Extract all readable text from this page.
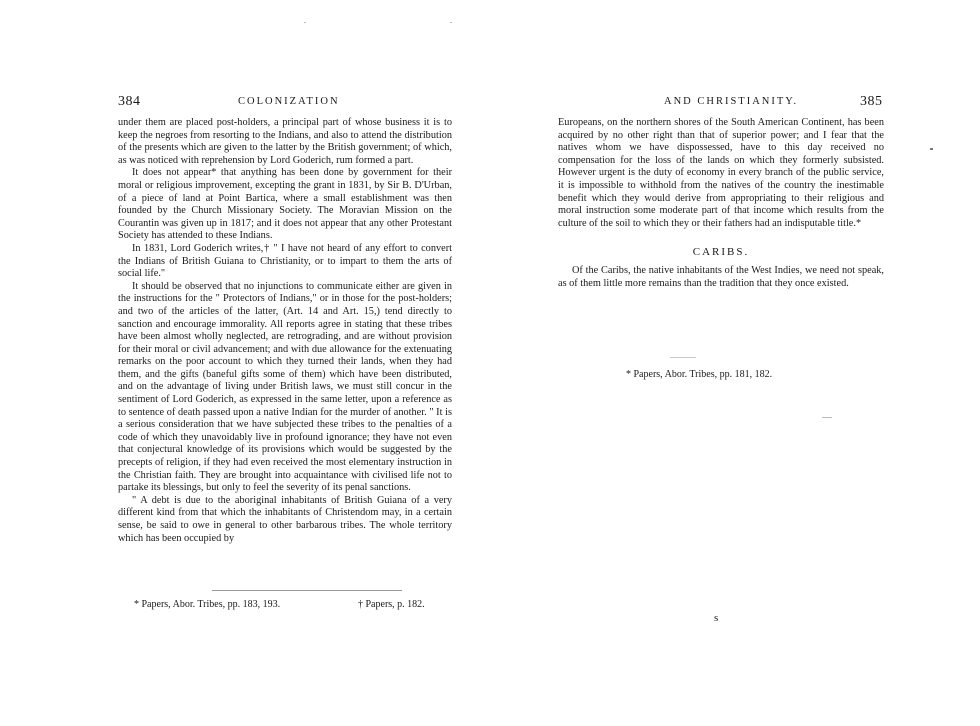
384	COLONIZATION

under them are placed post-holders, a principal part of whose business it is to keep the negroes from resorting to the Indians, and also to attend the distribution of the presents which are given to the latter by the British government; of which, as was noticed with reprehension by Lord Goderich, rum formed a part.

It does not appear* that anything has been done by government for their moral or religious improvement, excepting the grant in 1831, by Sir B. D'Urban, of a piece of land at Point Bartica, where a small establishment was then founded by the Church Missionary Society. The Moravian Mission on the Courantin was given up in 1817; and it does not appear that any other Protestant Society has attended to these Indians.

In 1831, Lord Goderich writes,† " I have not heard of any effort to convert the Indians of British Guiana to Christianity, or to impart to them the arts of social life."

It should be observed that no injunctions to communicate either are given in the instructions for the " Protectors of Indians," or in those for the post-holders; and two of the articles of the latter, (Art. 14 and Art. 15,) tend directly to sanction and encourage immorality. All reports agree in stating that these tribes have been almost wholly neglected, are retrograding, and are without provision for their moral or civil advancement; and with due allowance for the extenuating remarks on the poor account to which they turned their lands, when they had them, and the gifts (baneful gifts some of them) which have been distributed, and on the advantage of living under British laws, we must still concur in the sentiment of Lord Goderich, as expressed in the same letter, upon a reference as to sentence of death passed upon a native Indian for the murder of another. " It is a serious consideration that we have subjected these tribes to the penalties of a code of which they unavoidably live in profound ignorance; they have not even that conjectural knowledge of its provisions which would be suggested by the precepts of religion, if they had even received the most elementary instruction in the Christian faith. They are brought into acquaintance with civilised life not to partake its blessings, but only to feel the severity of its penal sanctions.

" A debt is due to the aboriginal inhabitants of British Guiana of a very different kind from that which the inhabitants of Christendom may, in a certain sense, be said to owe in general to other barbarous tribes. The whole territory which has been occupied by

* Papers, Abor. Tribes, pp. 183, 193.	† Papers, p. 182.
AND CHRISTIANITY.	385

Europeans, on the northern shores of the South American Continent, has been acquired by no other right than that of superior power; and I fear that the natives whom we have dispossessed, have to this day received no compensation for the loss of the lands on which they formerly subsisted. However urgent is the duty of economy in every branch of the public service, it is impossible to withhold from the natives of the country the inestimable benefit which they would derive from appropriating to their religious and moral instruction some moderate part of that income which results from the culture of the soil to which they or their fathers had an indisputable title.*

CARIBS.

Of the Caribs, the native inhabitants of the West Indies, we need not speak, as of them little more remains than the tradition that they once existed.

* Papers, Abor. Tribes, pp. 181, 182.
s
